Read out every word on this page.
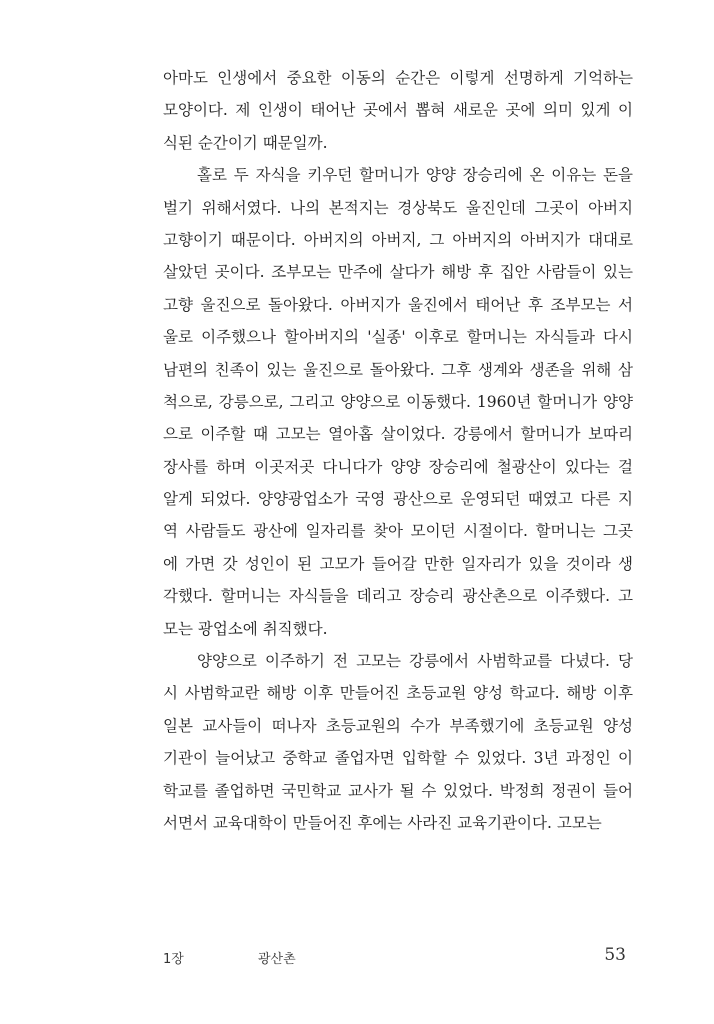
아마도 인생에서 중요한 이동의 순간은 이렇게 선명하게 기억하는
모양이다. 제 인생이 태어난 곳에서 뽑혀 새로운 곳에 의미 있게 이
식된 순간이기 때문일까.
홀로 두 자식을 키우던 할머니가 양양 장승리에 온 이유는 돈을
벌기 위해서였다. 나의 본적지는 경상북도 울진인데 그곳이 아버지
고향이기 때문이다. 아버지의 아버지, 그 아버지의 아버지가 대대로
살았던 곳이다. 조부모는 만주에 살다가 해방 후 집안 사람들이 있는
고향 울진으로 돌아왔다. 아버지가 울진에서 태어난 후 조부모는 서
울로 이주했으나 할아버지의 '실종' 이후로 할머니는 자식들과 다시
남편의 친족이 있는 울진으로 돌아왔다. 그후 생계와 생존을 위해 삼
척으로, 강릉으로, 그리고 양양으로 이동했다. 1960년 할머니가 양양
으로 이주할 때 고모는 열아홉 살이었다. 강릉에서 할머니가 보따리
장사를 하며 이곳저곳 다니다가 양양 장승리에 철광산이 있다는 걸
알게 되었다. 양양광업소가 국영 광산으로 운영되던 때였고 다른 지
역 사람들도 광산에 일자리를 찾아 모이던 시절이다. 할머니는 그곳
에 가면 갓 성인이 된 고모가 들어갈 만한 일자리가 있을 것이라 생
각했다. 할머니는 자식들을 데리고 장승리 광산촌으로 이주했다. 고
모는 광업소에 취직했다.
양양으로 이주하기 전 고모는 강릉에서 사범학교를 다녔다. 당
시 사범학교란 해방 이후 만들어진 초등교원 양성 학교다. 해방 이후
일본 교사들이 떠나자 초등교원의 수가 부족했기에 초등교원 양성
기관이 늘어났고 중학교 졸업자면 입학할 수 있었다. 3년 과정인 이
학교를 졸업하면 국민학교 교사가 될 수 있었다. 박정희 정권이 들어
서면서 교육대학이 만들어진 후에는 사라진 교육기관이다. 고모는
1장	광산촌	53
